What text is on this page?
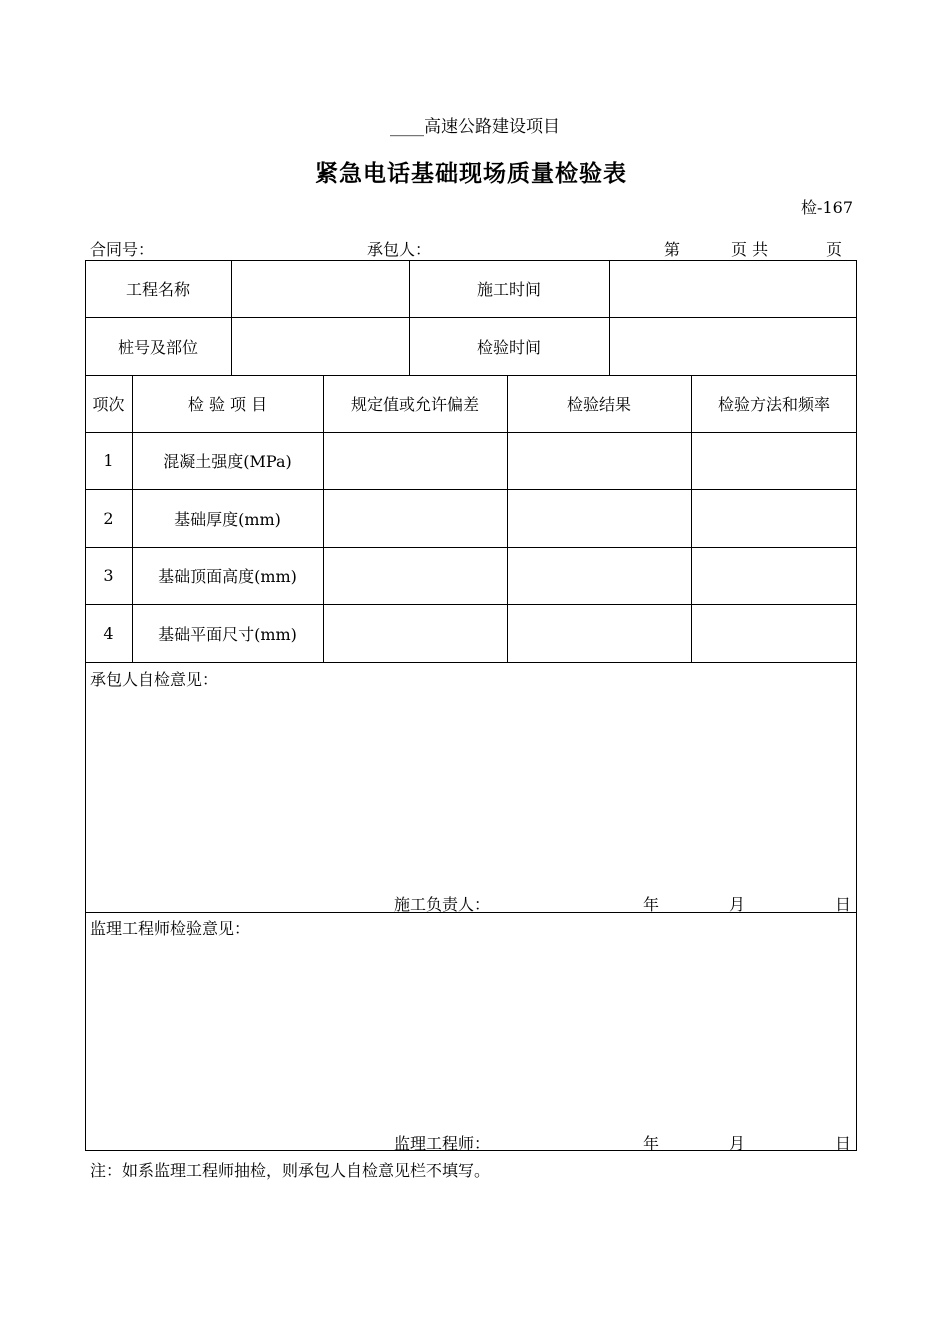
____高速公路建设项目
紧急电话基础现场质量检验表
检-167
合同号：	承包人：	第	页 共	页
工程名称	施工时间
桩号及部位	检验时间
项次	检 验 项 目	规定值或允许偏差	检验结果	检验方法和频率
1	混凝土强度(MPa)
2	基础厚度(mm)
3	基础顶面高度(mm)
4	基础平面尺寸(mm)
承包人自检意见：
施工负责人：	年	月	日
监理工程师检验意见：
监理工程师：	年	月	日
注：如系监理工程师抽检，则承包人自检意见栏不填写。
